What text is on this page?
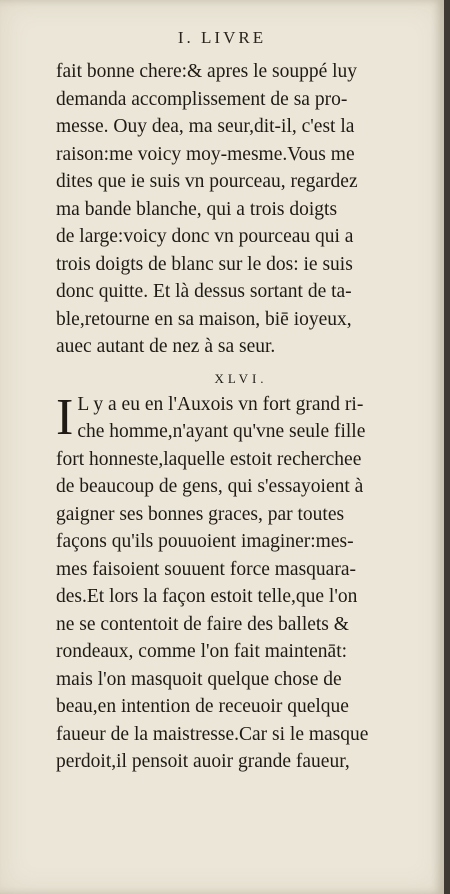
I. LIVRE
fait bonne chere:& apres le souppé luy
demanda accomplissement de sa pro-
messe. Ouy dea, ma seur,dit-il, c'est la
raison:me voicy moy-mesme.Vous me
dites que ie suis vn pourceau, regardez
ma bande blanche, qui a trois doigts
de large:voicy donc vn pourceau qui a
trois doigts de blanc sur le dos: ie suis
donc quitte. Et là dessus sortant de ta-
ble,retourne en sa maison, biē ioyeux,
auec autant de nez à sa seur.
XLVI.
I L y a eu en l'Auxois vn fort grand ri-
che homme,n'ayant qu'vne seule fille
fort honneste,laquelle estoit recherchee
de beaucoup de gens, qui s'essayoient à
gaigner ses bonnes graces, par toutes
façons qu'ils pouuoient imaginer:mes-
mes faisoient souuent force masquara-
des.Et lors la façon estoit telle,que l'on
ne se contentoit de faire des ballets &
rondeaux, comme l'on fait maintenāt:
mais l'on masquoit quelque chose de
beau,en intention de receuoir quelque
faueur de la maistresse.Car si le masque
perdoit,il pensoit auoir grande faueur,
